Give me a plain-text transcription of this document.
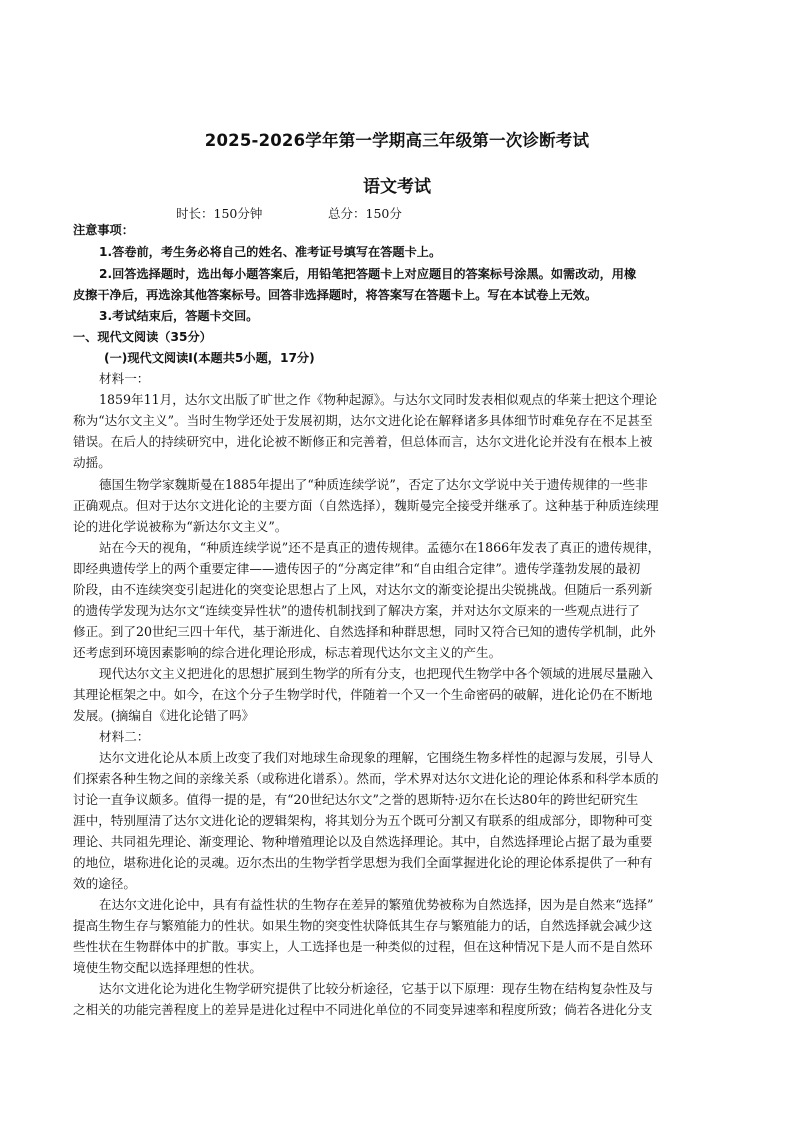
2025-2026学年第一学期高三年级第一次诊断考试
语文考试
时长：150分钟	总分：150分
注意事项：
1.答卷前，考生务必将自己的姓名、准考证号填写在答题卡上。
2.回答选择题时，选出每小题答案后，用铅笔把答题卡上对应题目的答案标号涂黑。如需改动，用橡
皮擦干净后，再选涂其他答案标号。回答非选择题时，将答案写在答题卡上。写在本试卷上无效。
3.考试结束后，答题卡交回。
一、现代文阅读（35分）
(一)现代文阅读Ⅰ(本题共5小题，17分)
材料一：
1859年11月，达尔文出版了旷世之作《物种起源》。与达尔文同时发表相似观点的华莱士把这个理论
称为“达尔文主义”。当时生物学还处于发展初期，达尔文进化论在解释诸多具体细节时难免存在不足甚至
错误。在后人的持续研究中，进化论被不断修正和完善着，但总体而言，达尔文进化论并没有在根本上被
动摇。
德国生物学家魏斯曼在1885年提出了“种质连续学说”，否定了达尔文学说中关于遗传规律的一些非
正确观点。但对于达尔文进化论的主要方面（自然选择），魏斯曼完全接受并继承了。这种基于种质连续理
论的进化学说被称为“新达尔文主义”。
站在今天的视角，“种质连续学说”还不是真正的遗传规律。孟德尔在1866年发表了真正的遗传规律，
即经典遗传学上的两个重要定律——遗传因子的“分离定律”和“自由组合定律”。遗传学蓬勃发展的最初
阶段，由不连续突变引起进化的突变论思想占了上风，对达尔文的渐变论提出尖锐挑战。但随后一系列新
的遗传学发现为达尔文“连续变异性状”的遗传机制找到了解决方案，并对达尔文原来的一些观点进行了
修正。到了20世纪三四十年代，基于渐进化、自然选择和种群思想，同时又符合已知的遗传学机制，此外
还考虑到环境因素影响的综合进化理论形成，标志着现代达尔文主义的产生。
现代达尔文主义把进化的思想扩展到生物学的所有分支，也把现代生物学中各个领域的进展尽量融入
其理论框架之中。如今，在这个分子生物学时代，伴随着一个又一个生命密码的破解，进化论仍在不断地
发展。(摘编自《进化论错了吗》
材料二：
达尔文进化论从本质上改变了我们对地球生命现象的理解，它围绕生物多样性的起源与发展，引导人
们探索各种生物之间的亲缘关系（或称进化谱系）。然而，学术界对达尔文进化论的理论体系和科学本质的
讨论一直争议颇多。值得一提的是，有“20世纪达尔文”之誉的恩斯特·迈尔在长达80年的跨世纪研究生
涯中，特别厘清了达尔文进化论的逻辑架构，将其划分为五个既可分割又有联系的组成部分，即物种可变
理论、共同祖先理论、渐变理论、物种增殖理论以及自然选择理论。其中，自然选择理论占据了最为重要
的地位，堪称进化论的灵魂。迈尔杰出的生物学哲学思想为我们全面掌握进化论的理论体系提供了一种有
效的途径。
在达尔文进化论中，具有有益性状的生物存在差异的繁殖优势被称为自然选择，因为是自然来“选择”
提高生物生存与繁殖能力的性状。如果生物的突变性状降低其生存与繁殖能力的话，自然选择就会减少这
些性状在生物群体中的扩散。事实上，人工选择也是一种类似的过程，但在这种情况下是人而不是自然环
境使生物交配以选择理想的性状。
达尔文进化论为进化生物学研究提供了比较分析途径，它基于以下原理：现存生物在结构复杂性及与
之相关的功能完善程度上的差异是进化过程中不同进化单位的不同变异速率和程度所致；倘若各进化分支
